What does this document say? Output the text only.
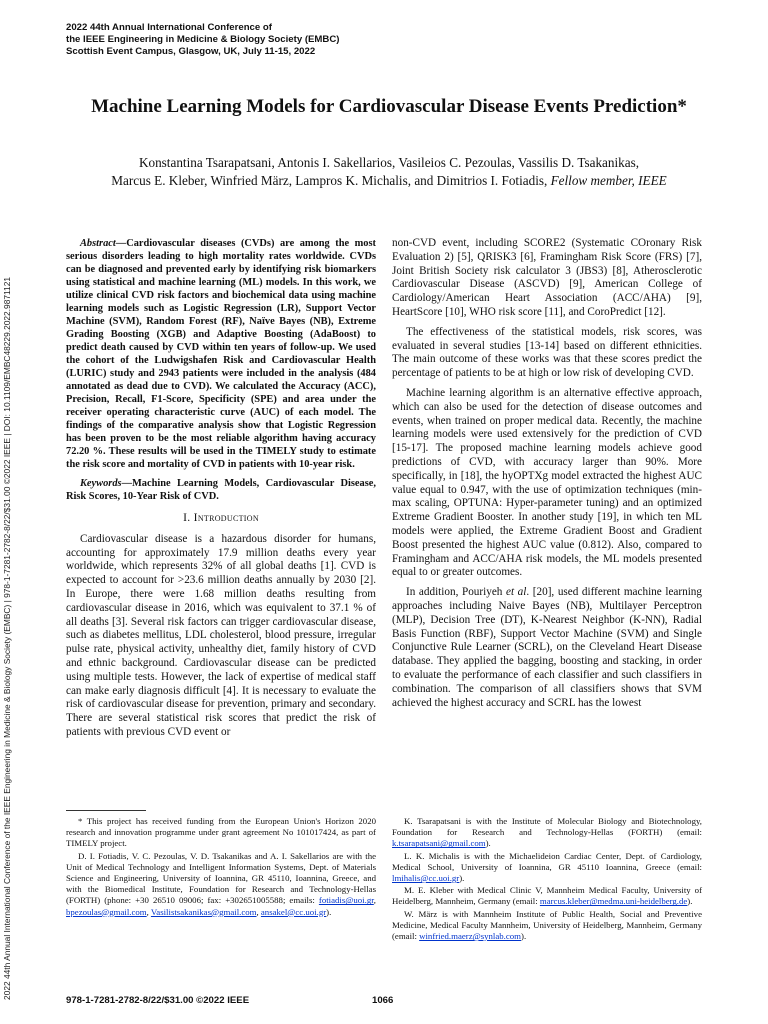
2022 44th Annual International Conference of
the IEEE Engineering in Medicine & Biology Society (EMBC)
Scottish Event Campus, Glasgow, UK, July 11-15, 2022
2022 44th Annual International Conference of the IEEE Engineering in Medicine & Biology Society (EMBC) | 978-1-7281-2782-8/22/$31.00 ©2022 IEEE | DOI: 10.1109/EMBC48229.2022.9871121
Machine Learning Models for Cardiovascular Disease Events Prediction*
Konstantina Tsarapatsani, Antonis I. Sakellarios, Vasileios C. Pezoulas, Vassilis D. Tsakanikas,
Marcus E. Kleber, Winfried März, Lampros K. Michalis, and Dimitrios I. Fotiadis, Fellow member, IEEE

Abstract—Cardiovascular diseases (CVDs) are among the most serious disorders leading to high mortality rates worldwide. CVDs can be diagnosed and prevented early by identifying risk biomarkers using statistical and machine learning (ML) models. In this work, we utilize clinical CVD risk factors and biochemical data using machine learning models such as Logistic Regression (LR), Support Vector Machine (SVM), Random Forest (RF), Naïve Bayes (NB), Extreme Grading Boosting (XGB) and Adaptive Boosting (AdaBoost) to predict death caused by CVD within ten years of follow-up. We used the cohort of the Ludwigshafen Risk and Cardiovascular Health (LURIC) study and 2943 patients were included in the analysis (484 annotated as dead due to CVD). We calculated the Accuracy (ACC), Precision, Recall, F1-Score, Specificity (SPE) and area under the receiver operating characteristic curve (AUC) of each model. The findings of the comparative analysis show that Logistic Regression has been proven to be the most reliable algorithm having accuracy 72.20 %. These results will be used in the TIMELY study to estimate the risk score and mortality of CVD in patients with 10-year risk.

Keywords—Machine Learning Models, Cardiovascular Disease, Risk Scores, 10-Year Risk of CVD.

I. Introduction

Cardiovascular disease is a hazardous disorder for humans, accounting for approximately 17.9 million deaths every year worldwide, which represents 32% of all global deaths [1]. CVD is expected to account for >23.6 million deaths annually by 2030 [2]. In Europe, there were 1.68 million deaths resulting from cardiovascular disease in 2016, which was equivalent to 37.1 % of all deaths [3]. Several risk factors can trigger cardiovascular disease, such as diabetes mellitus, LDL cholesterol, blood pressure, irregular pulse rate, physical activity, unhealthy diet, family history of CVD and ethnic background. Cardiovascular disease can be predicted using multiple tests. However, the lack of expertise of medical staff can make early diagnosis difficult [4]. It is necessary to evaluate the risk of cardiovascular disease for prevention, primary and secondary. There are several statistical risk scores that predict the risk of patients with previous CVD event or

non-CVD event, including SCORE2 (Systematic COronary Risk Evaluation 2) [5], QRISK3 [6], Framingham Risk Score (FRS) [7], Joint British Society risk calculator 3 (JBS3) [8], Atherosclerotic Cardiovascular Disease (ASCVD) [9], American College of Cardiology/American Heart Association (ACC/AHA) [9], HeartScore [10], WHO risk score [11], and CoroPredict [12].

The effectiveness of the statistical models, risk scores, was evaluated in several studies [13-14] based on different ethnicities. The main outcome of these works was that these scores predict the percentage of patients to be at high or low risk of developing CVD.

Machine learning algorithm is an alternative effective approach, which can also be used for the detection of disease outcomes and events, when trained on proper medical data. Recently, the machine learning models were used extensively for the prediction of CVD [15-17]. The proposed machine learning models achieve good predictions of CVD, with accuracy larger than 90%. More specifically, in [18], the hyOPTXg model extracted the highest AUC value equal to 0.947, with the use of optimization techniques (min-max scaling, OPTUNA: Hyper-parameter tuning) and an optimized Extreme Gradient Booster. In another study [19], in which ten ML models were applied, the Extreme Gradient Boost and Gradient Boost presented the highest AUC value (0.812). Also, compared to Framingham and ACC/AHA risk models, the ML models presented equal to or greater outcomes.

In addition, Pouriyeh et al. [20], used different machine learning approaches including Naive Bayes (NB), Multilayer Perceptron (MLP), Decision Tree (DT), K-Nearest Neighbor (K-NN), Radial Basis Function (RBF), Support Vector Machine (SVM) and Single Conjunctive Rule Learner (SCRL), on the Cleveland Heart Disease database. They applied the bagging, boosting and stacking, in order to evaluate the performance of each classifier and such classifiers in combination. The comparison of all classifiers shows that SVM achieved the highest accuracy and SCRL has the lowest

* This project has received funding from the European Union's Horizon 2020 research and innovation programme under grant agreement No 101017424, as part of TIMELY project.

D. I. Fotiadis, V. C. Pezoulas, V. D. Tsakanikas and A. I. Sakellarios are with the Unit of Medical Technology and Intelligent Information Systems, Dept. of Materials Science and Engineering, University of Ioannina, GR 45110, Ioannina, Greece, and with the Biomedical Institute, Foundation for Research and Technology-Hellas (FORTH) (phone: +30 26510 09006; fax: +302651005588; emails: fotiadis@uoi.gr, bpezoulas@gmail.com, Vasilistsakanikas@gmail.com, ansakel@cc.uoi.gr).

K. Tsarapatsani is with the Institute of Molecular Biology and Biotechnology, Foundation for Research and Technology-Hellas (FORTH) (email: k.tsarapatsani@gmail.com).

L. K. Michalis is with the Michaelideion Cardiac Center, Dept. of Cardiology, Medical School, University of Ioannina, GR 45110 Ioannina, Greece (email: lmihalis@cc.uoi.gr).

M. E. Kleber with Medical Clinic V, Mannheim Medical Faculty, University of Heidelberg, Mannheim, Germany (email: marcus.kleber@medma.uni-heidelberg.de).

W. März is with Mannheim Institute of Public Health, Social and Preventive Medicine, Medical Faculty Mannheim, University of Heidelberg, Mannheim, Germany (email: winfried.maerz@synlab.com).

978-1-7281-2782-8/22/$31.00 ©2022 IEEE	1066
